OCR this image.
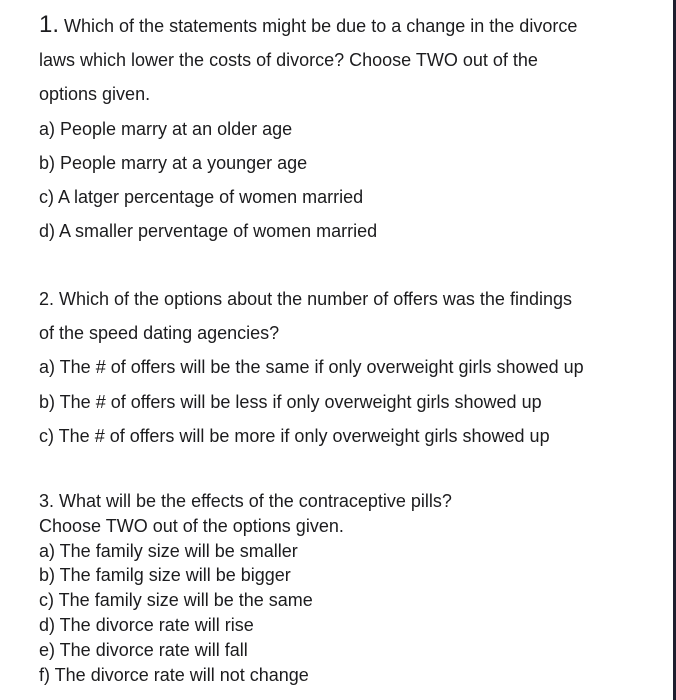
1. Which of the statements might be due to a change in the divorce
laws which lower the costs of divorce? Choose TWO out of the
options given.
a) People marry at an older age
b) People marry at a younger age
c) A latger percentage of women married
d) A smaller perventage of women married
2. Which of the options about the number of offers was the findings
of the speed dating agencies?
a) The # of offers will be the same if only overweight girls showed up
b) The # of offers will be less if only overweight girls showed up
c) The # of offers will be more if only overweight girls showed up
3. What will be the effects of the contraceptive pills?
Choose TWO out of the options given.
a) The family size will be smaller
b) The familg size will be bigger
c) The family size will be the same
d) The divorce rate will rise
e) The divorce rate will fall
f) The divorce rate will not change
